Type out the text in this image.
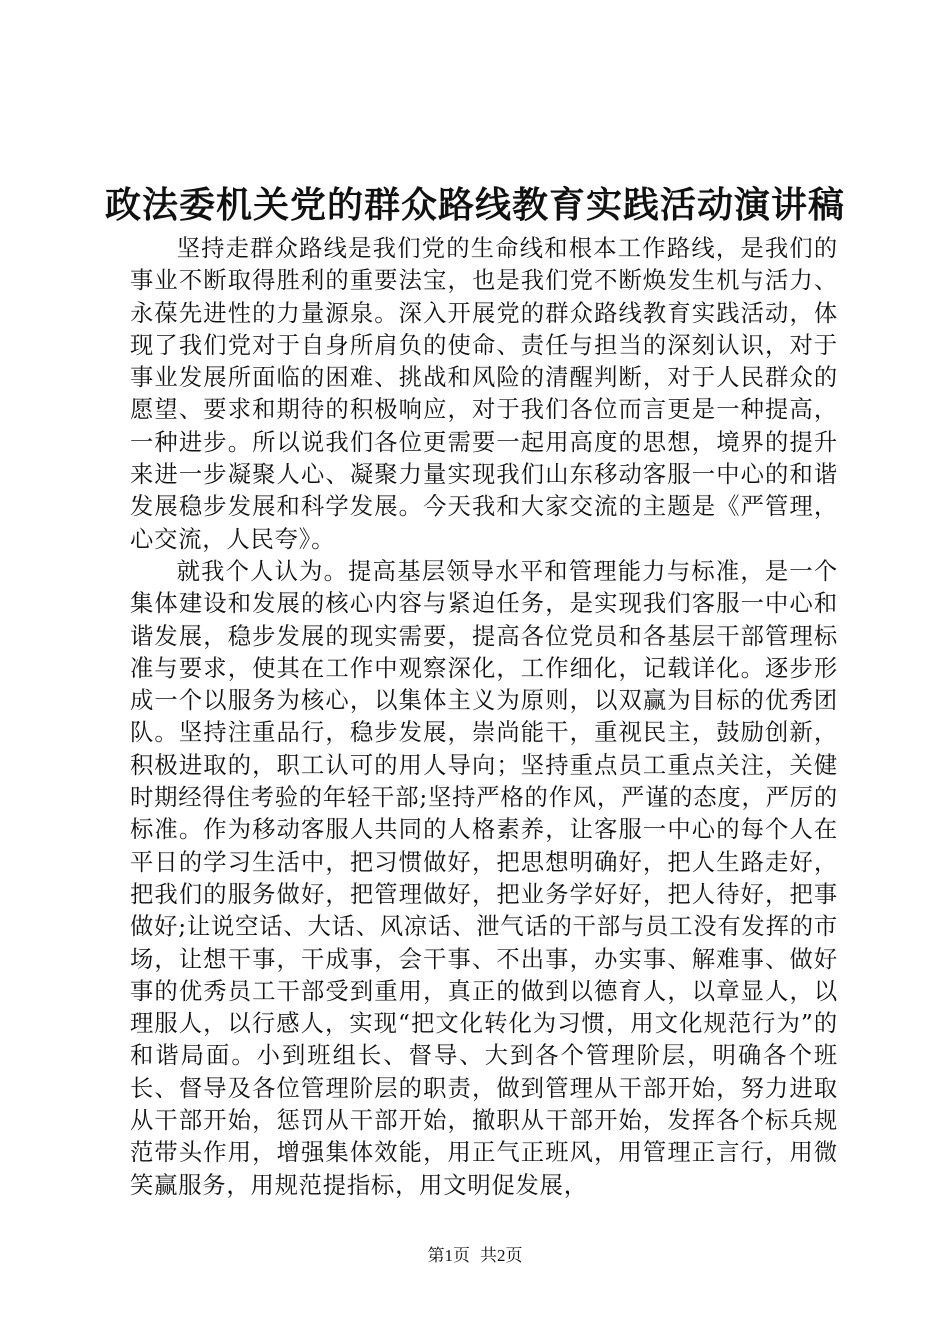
政法委机关党的群众路线教育实践活动演讲稿

坚持走群众路线是我们党的生命线和根本工作路线，是我们的事业不断取得胜利的重要法宝，也是我们党不断焕发生机与活力、永葆先进性的力量源泉。深入开展党的群众路线教育实践活动，体现了我们党对于自身所肩负的使命、责任与担当的深刻认识，对于事业发展所面临的困难、挑战和风险的清醒判断，对于人民群众的愿望、要求和期待的积极响应，对于我们各位而言更是一种提高，一种进步。所以说我们各位更需要一起用高度的思想，境界的提升来进一步凝聚人心、凝聚力量实现我们山东移动客服一中心的和谐发展稳步发展和科学发展。今天我和大家交流的主题是《严管理，心交流，人民夸》。

就我个人认为。提高基层领导水平和管理能力与标准，是一个集体建设和发展的核心内容与紧迫任务，是实现我们客服一中心和谐发展，稳步发展的现实需要，提高各位党员和各基层干部管理标准与要求，使其在工作中观察深化，工作细化，记载详化。逐步形成一个以服务为核心，以集体主义为原则，以双赢为目标的优秀团队。坚持注重品行，稳步发展，崇尚能干，重视民主，鼓励创新，积极进取的，职工认可的用人导向；坚持重点员工重点关注，关健时期经得住考验的年轻干部;坚持严格的作风，严谨的态度，严厉的标准。作为移动客服人共同的人格素养，让客服一中心的每个人在平日的学习生活中，把习惯做好，把思想明确好，把人生路走好，把我们的服务做好，把管理做好，把业务学好好，把人待好，把事做好;让说空话、大话、风凉话、泄气话的干部与员工没有发挥的市场，让想干事，干成事，会干事、不出事，办实事、解难事、做好事的优秀员工干部受到重用，真正的做到以德育人，以章显人，以理服人，以行感人，实现“把文化转化为习惯，用文化规范行为”的和谐局面。小到班组长、督导、大到各个管理阶层，明确各个班长、督导及各位管理阶层的职责，做到管理从干部开始，努力进取从干部开始，惩罚从干部开始，撤职从干部开始，发挥各个标兵规范带头作用，增强集体效能，用正气正班风，用管理正言行，用微笑赢服务，用规范提指标，用文明促发展，

第1页 共2页
